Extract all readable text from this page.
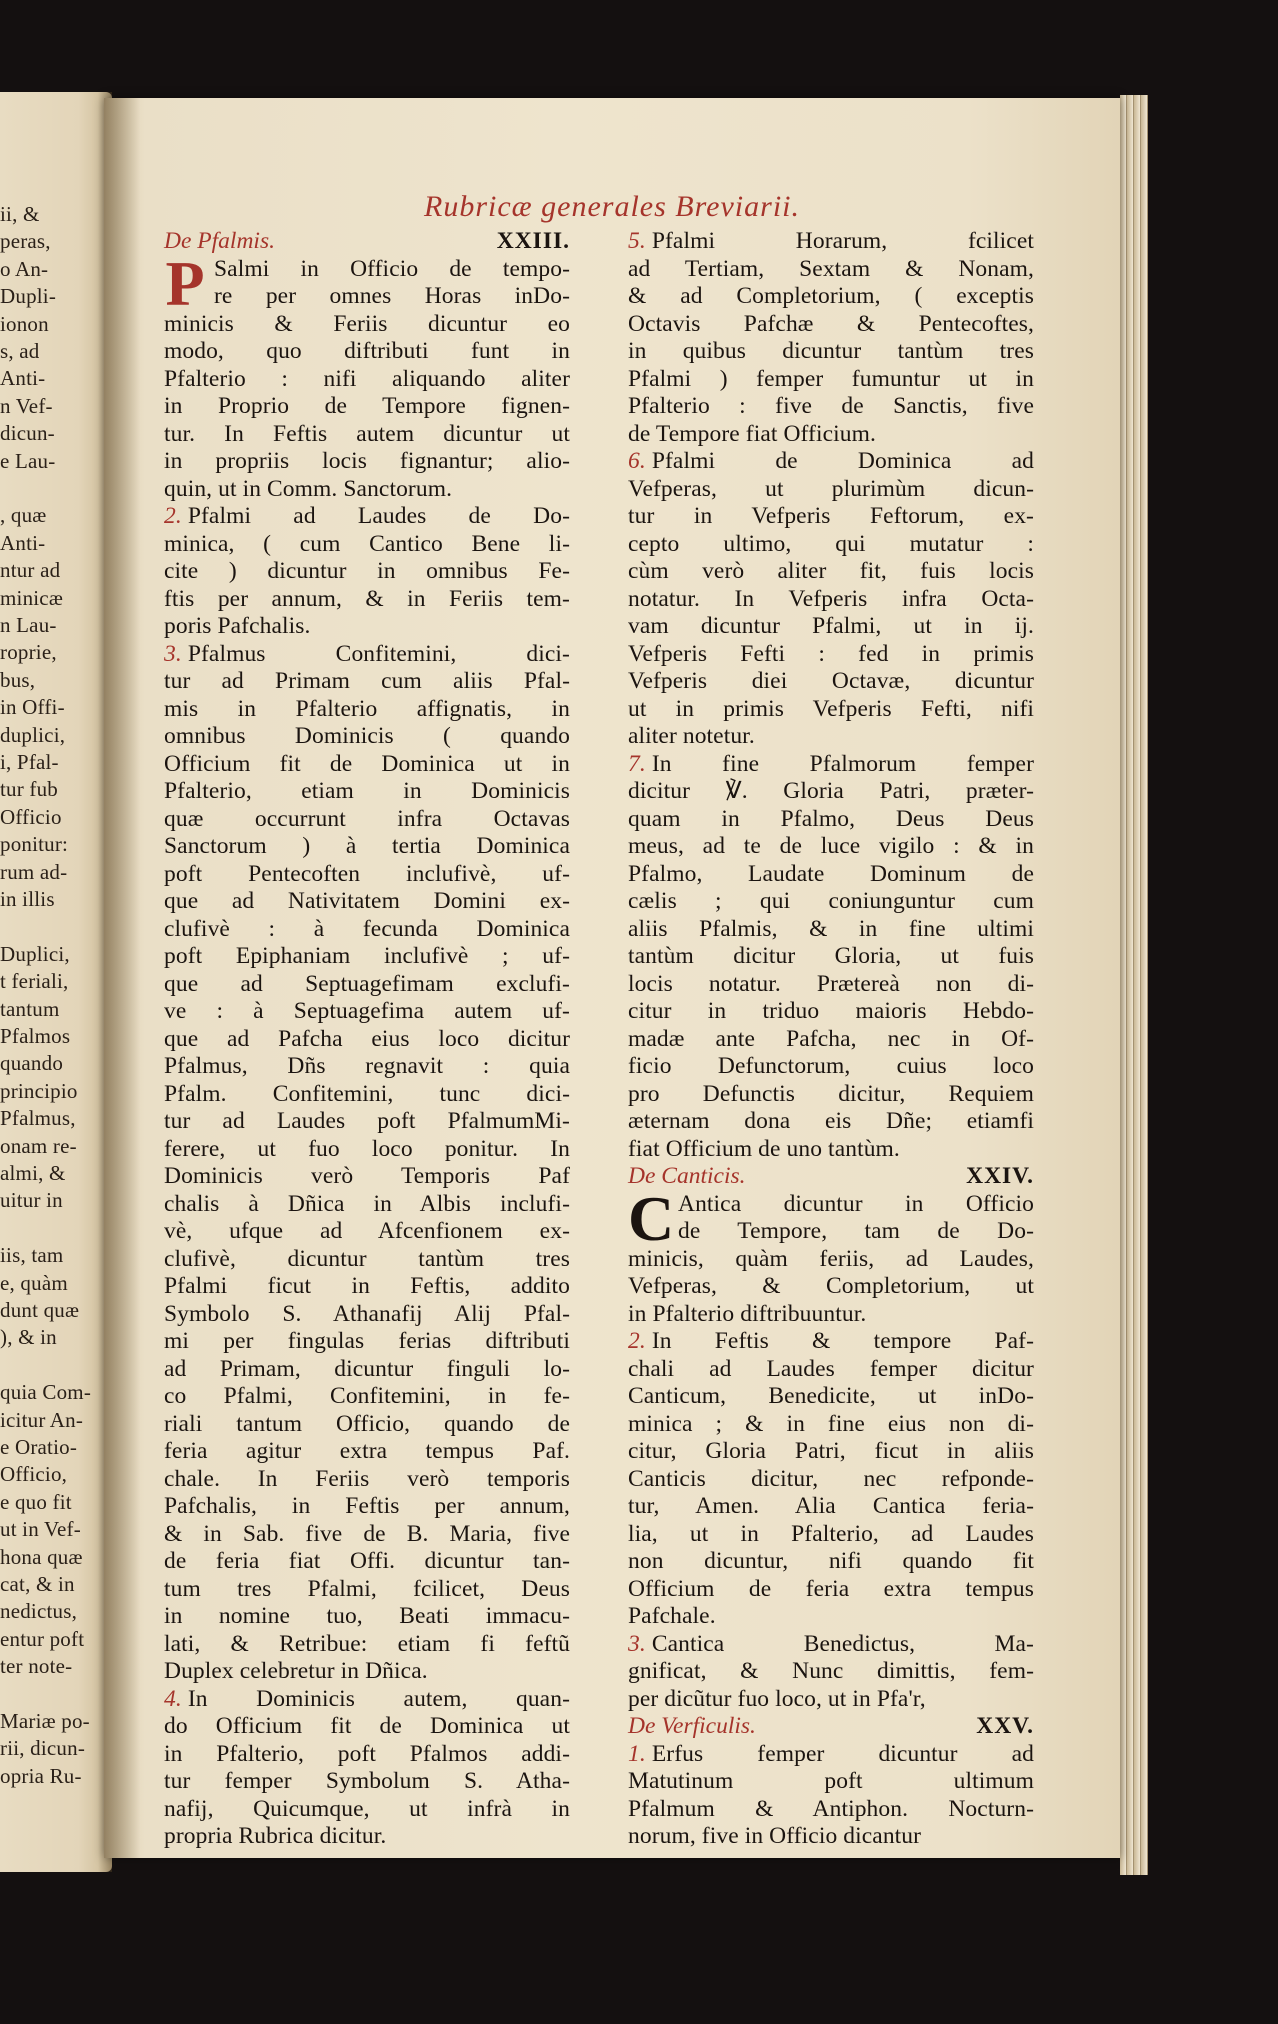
ii, &
peras,
o An-
Dupli-
ionon
s, ad
Anti-
n Vef-
dicun-
e Lau-
, quæ
Anti-
ntur ad
minicæ
n Lau-
roprie,
bus,
in Offi-
duplici,
i, Pfal-
tur fub
Officio
ponitur:
rum ad-
in illis
Duplici,
t feriali,
tantum
Pfalmos
quando
principio
Pfalmus,
onam re-
almi, &
uitur in
iis, tam
e, quàm
dunt quæ
), & in
quia Com-
icitur An-
e Oratio-
Officio,
e quo fit
ut in Vef-
hona quæ
cat, & in
nedictus,
entur poft
ter note-
Mariæ po-
rii, dicun-
opria Ru-
Rubricæ generales Breviarii.
De Pfalmis.	XXIII.
P Salmi in Officio de tempo-
re per omnes Horas inDo-
minicis & Feriis dicuntur eo
modo, quo diftributi funt in
Pfalterio : nifi aliquando aliter
in Proprio de Tempore fignen-
tur. In Feftis autem dicuntur ut
in propriis locis fignantur; alio-
quin, ut in Comm. Sanctorum.
2. Pfalmi ad Laudes de Do-
minica, ( cum Cantico Bene li-
cite ) dicuntur in omnibus Fe-
ftis per annum, & in Feriis tem-
poris Pafchalis.
3. Pfalmus Confitemini, dici-
tur ad Primam cum aliis Pfal-
mis in Pfalterio affignatis, in
omnibus Dominicis ( quando
Officium fit de Dominica ut in
Pfalterio, etiam in Dominicis
quæ occurrunt infra Octavas
Sanctorum ) à tertia Dominica
poft Pentecoften inclufivè, uf-
que ad Nativitatem Domini ex-
clufivè : à fecunda Dominica
poft Epiphaniam inclufivè ; uf-
que ad Septuagefimam exclufi-
ve : à Septuagefima autem uf-
que ad Pafcha eius loco dicitur
Pfalmus, Dñs regnavit : quia
Pfalm. Confitemini, tunc dici-
tur ad Laudes poft PfalmumMi-
ferere, ut fuo loco ponitur. In
Dominicis verò Temporis Paf
chalis à Dñica in Albis inclufi-
vè, ufque ad Afcenfionem ex-
clufivè, dicuntur tantùm tres
Pfalmi ficut in Feftis, addito
Symbolo S. Athanafij Alij Pfal-
mi per fingulas ferias diftributi
ad Primam, dicuntur finguli lo-
co Pfalmi, Confitemini, in fe-
riali tantum Officio, quando de
feria agitur extra tempus Paf.
chale. In Feriis verò temporis
Pafchalis, in Feftis per annum,
& in Sab. five de B. Maria, five
de feria fiat Offi. dicuntur tan-
tum tres Pfalmi, fcilicet, Deus
in nomine tuo, Beati immacu-
lati, & Retribue: etiam fi feftũ
Duplex celebretur in Dñica.
4. In Dominicis autem, quan-
do Officium fit de Dominica ut
in Pfalterio, poft Pfalmos addi-
tur femper Symbolum S. Atha-
nafij, Quicumque, ut infrà in
propria Rubrica dicitur.
5. Pfalmi Horarum, fcilicet
ad Tertiam, Sextam & Nonam,
& ad Completorium, ( exceptis
Octavis Pafchæ & Pentecoftes,
in quibus dicuntur tantùm tres
Pfalmi ) femper fumuntur ut in
Pfalterio : five de Sanctis, five
de Tempore fiat Officium.
6. Pfalmi de Dominica ad
Vefperas, ut plurimùm dicun-
tur in Vefperis Feftorum, ex-
cepto ultimo, qui mutatur :
cùm verò aliter fit, fuis locis
notatur. In Vefperis infra Octa-
vam dicuntur Pfalmi, ut in ij.
Vefperis Fefti : fed in primis
Vefperis diei Octavæ, dicuntur
ut in primis Vefperis Fefti, nifi
aliter notetur.
7. In fine Pfalmorum femper
dicitur ℣. Gloria Patri, præter-
quam in Pfalmo, Deus Deus
meus, ad te de luce vigilo : & in
Pfalmo, Laudate Dominum de
cælis ; qui coniunguntur cum
aliis Pfalmis, & in fine ultimi
tantùm dicitur Gloria, ut fuis
locis notatur. Prætereà non di-
citur in triduo maioris Hebdo-
madæ ante Pafcha, nec in Of-
ficio Defunctorum, cuius loco
pro Defunctis dicitur, Requiem
æternam dona eis Dñe; etiamfi
fiat Officium de uno tantùm.
De Canticis.	XXIV.
C Antica dicuntur in Officio
de Tempore, tam de Do-
minicis, quàm feriis, ad Laudes,
Vefperas, & Completorium, ut
in Pfalterio diftribuuntur.
2. In Feftis & tempore Paf-
chali ad Laudes femper dicitur
Canticum, Benedicite, ut inDo-
minica ; & in fine eius non di-
citur, Gloria Patri, ficut in aliis
Canticis dicitur, nec refponde-
tur, Amen. Alia Cantica feria-
lia, ut in Pfalterio, ad Laudes
non dicuntur, nifi quando fit
Officium de feria extra tempus
Pafchale.
3. Cantica Benedictus, Ma-
gnificat, & Nunc dimittis, fem-
per dicũtur fuo loco, ut in Pfa'r,
De Verficulis.	XXV.
1. Erfus femper dicuntur ad
Matutinum poft ultimum
Pfalmum & Antiphon. Nocturn-
norum, five in Officio dicantur
